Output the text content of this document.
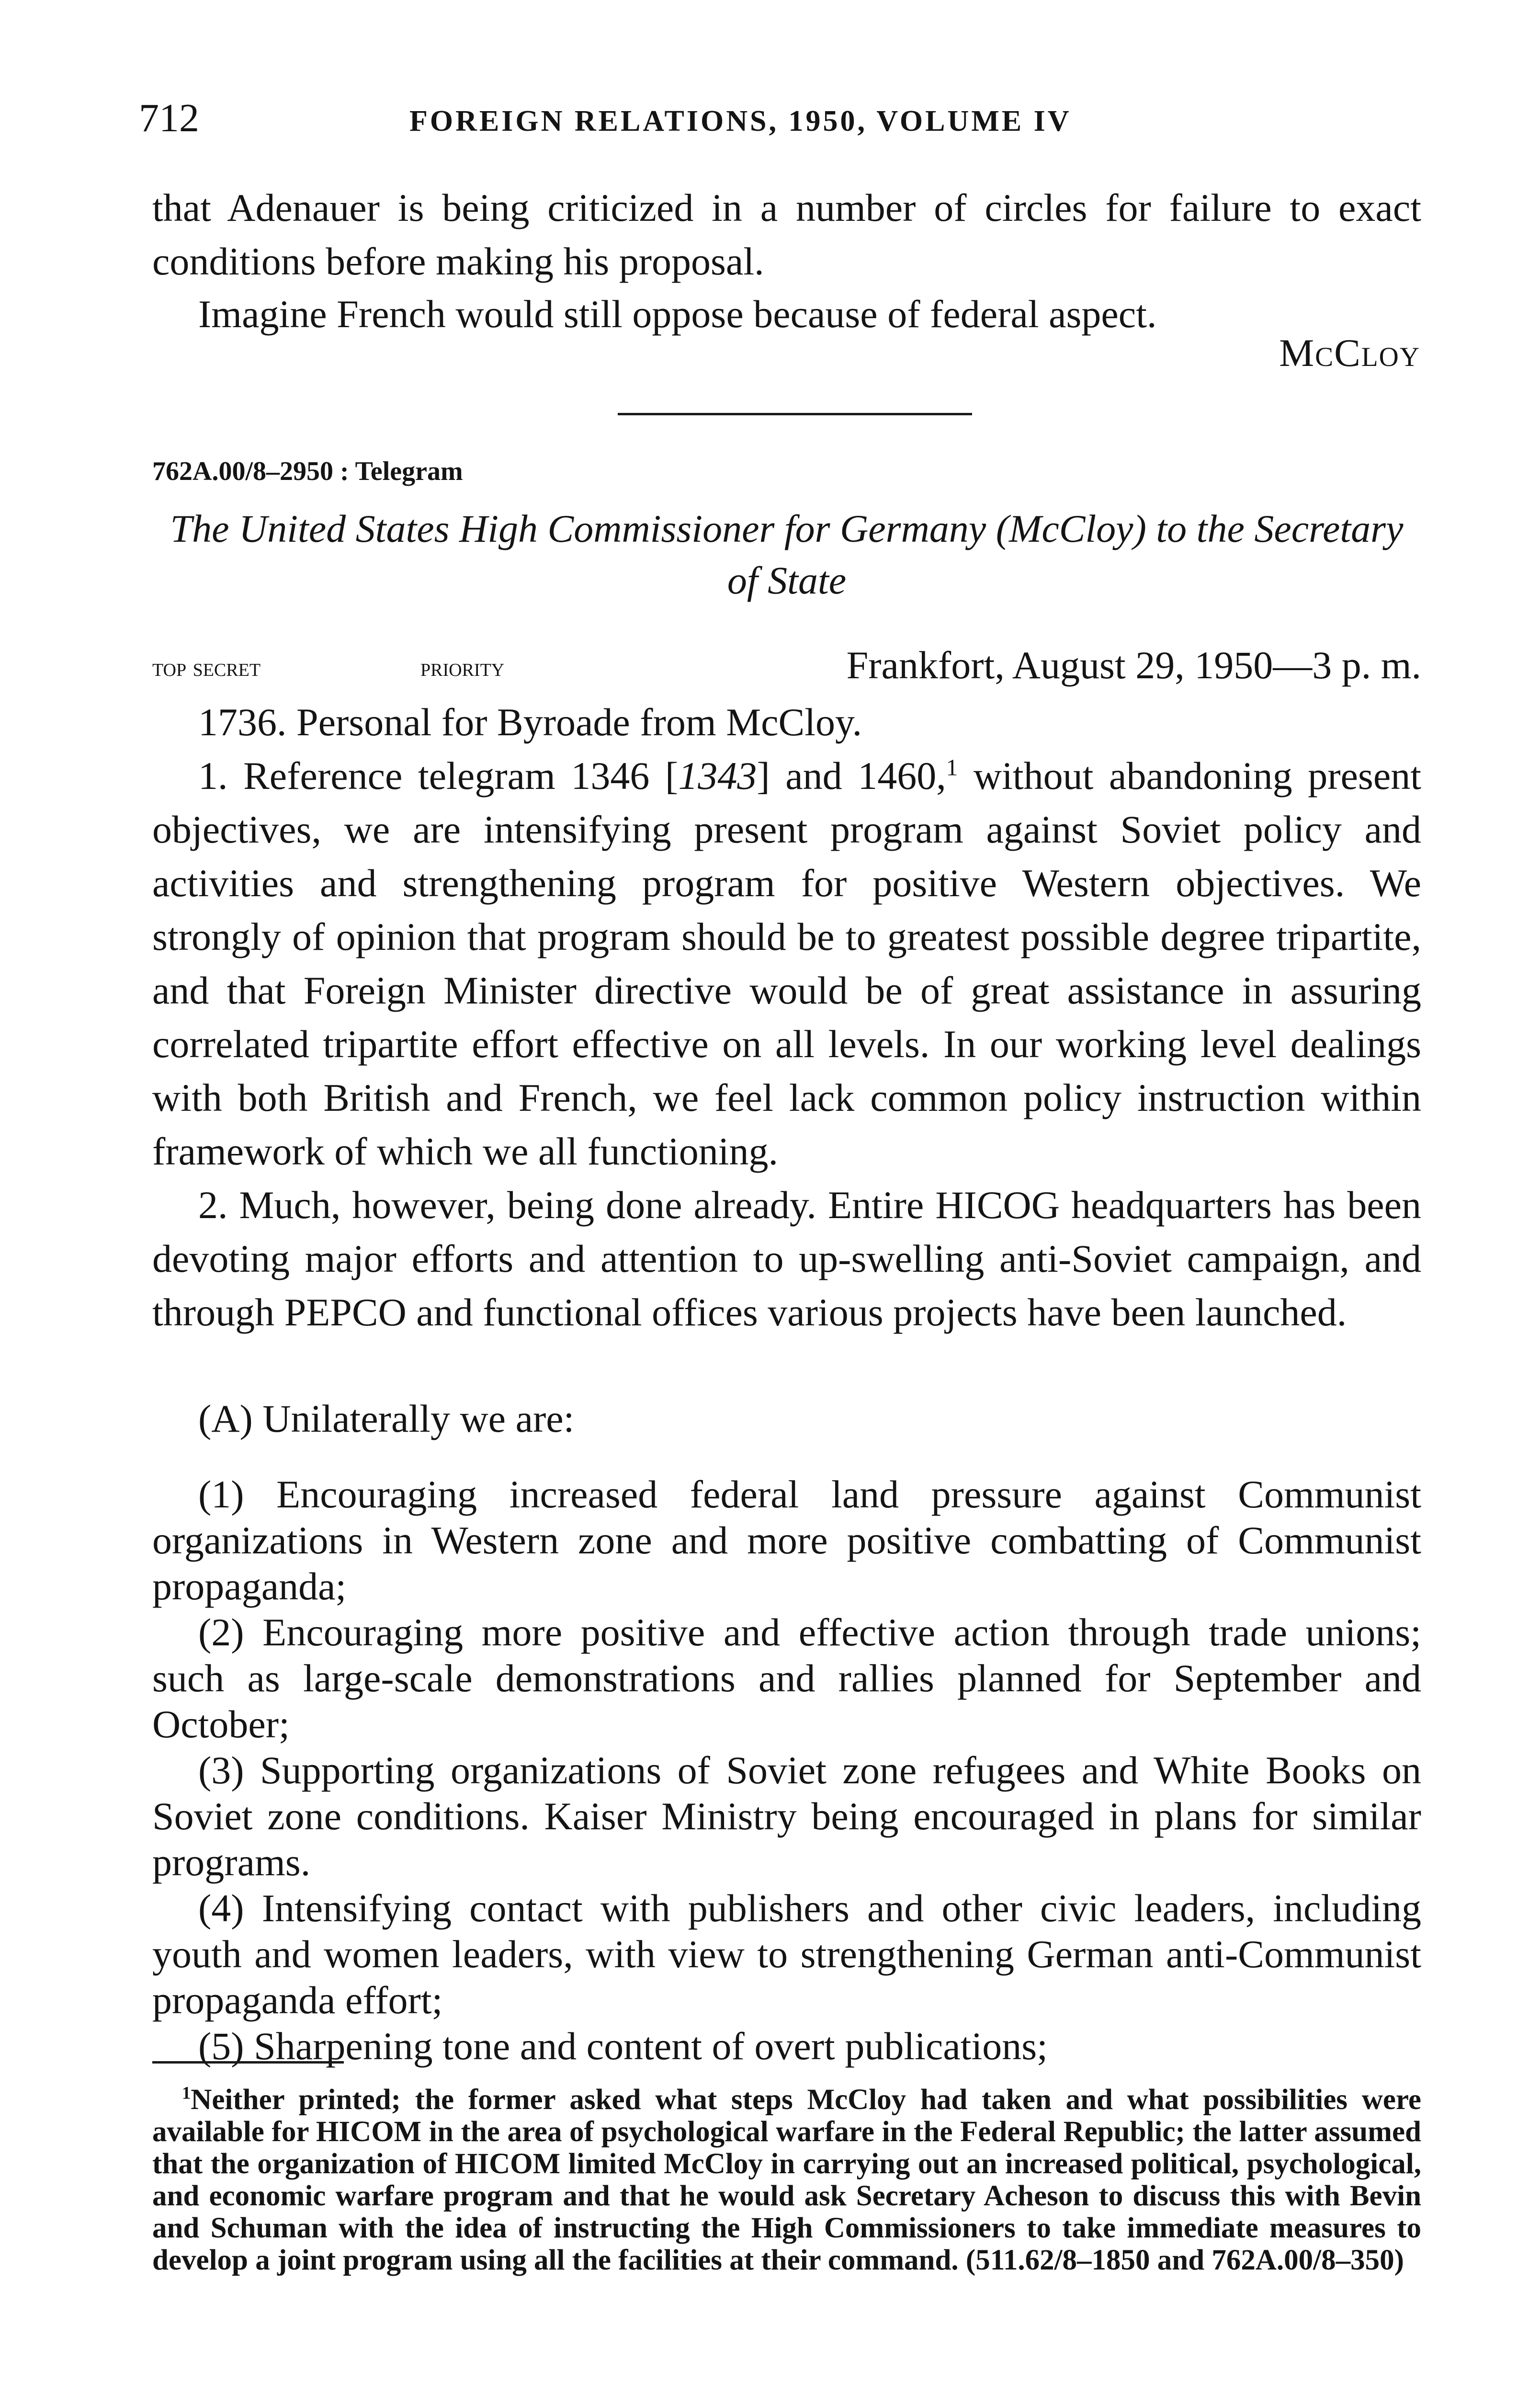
712	FOREIGN RELATIONS, 1950, VOLUME IV

that Adenauer is being criticized in a number of circles for failure to exact conditions before making his proposal.

Imagine French would still oppose because of federal aspect.

McCloy
762A.00/8–2950 : Telegram

The United States High Commissioner for Germany (McCloy) to the Secretary of State

top secret	priority	Frankfort, August 29, 1950—3 p. m.

1736. Personal for Byroade from McCloy.

1. Reference telegram 1346 [1343] and 1460,$^1$ without abandoning present objectives, we are intensifying present program against Soviet policy and activities and strengthening program for positive Western objectives. We strongly of opinion that program should be to greatest possible degree tripartite, and that Foreign Minister directive would be of great assistance in assuring correlated tripartite effort effective on all levels. In our working level dealings with both British and French, we feel lack common policy instruction within framework of which we all functioning.

2. Much, however, being done already. Entire HICOG headquarters has been devoting major efforts and attention to up-swelling anti-Soviet campaign, and through PEPCO and functional offices various projects have been launched.

(A) Unilaterally we are:

(1) Encouraging increased federal land pressure against Communist organizations in Western zone and more positive combatting of Communist propaganda;

(2) Encouraging more positive and effective action through trade unions; such as large-scale demonstrations and rallies planned for September and October;

(3) Supporting organizations of Soviet zone refugees and White Books on Soviet zone conditions. Kaiser Ministry being encouraged in plans for similar programs.

(4) Intensifying contact with publishers and other civic leaders, including youth and women leaders, with view to strengthening German anti-Communist propaganda effort;

(5) Sharpening tone and content of overt publications;

$^1$Neither printed; the former asked what steps McCloy had taken and what possibilities were available for HICOM in the area of psychological warfare in the Federal Republic; the latter assumed that the organization of HICOM limited McCloy in carrying out an increased political, psychological, and economic warfare program and that he would ask Secretary Acheson to discuss this with Bevin and Schuman with the idea of instructing the High Commissioners to take immediate measures to develop a joint program using all the facilities at their command. (511.62/8–1850 and 762A.00/8–350)
